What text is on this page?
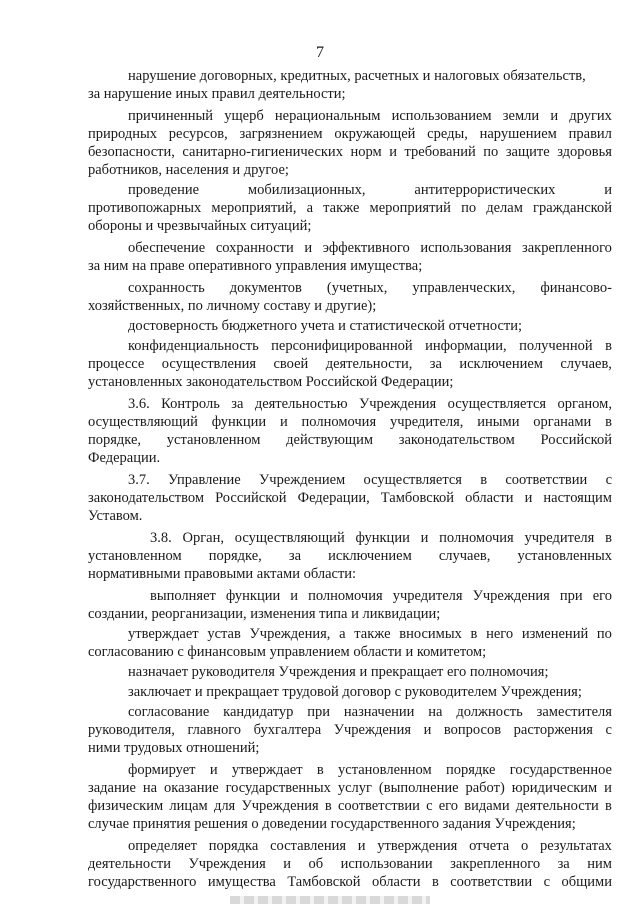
7
нарушение договорных, кредитных, расчетных и налоговых обязательств,
за нарушение иных правил деятельности;
причиненный ущерб нерациональным использованием земли и других
природных ресурсов, загрязнением окружающей среды, нарушением правил
безопасности, санитарно-гигиенических норм и требований по защите здоровья
работников, населения и другое;
проведение	мобилизационных,	антитеррористических	и
противопожарных мероприятий, а также мероприятий по делам гражданской
обороны и чрезвычайных ситуаций;
обеспечение сохранности и эффективного использования закрепленного
за ним на праве оперативного управления имущества;
сохранность документов (учетных, управленческих, финансово-
хозяйственных, по личному составу и другие);
достоверность бюджетного учета и статистической отчетности;
конфиденциальность персонифицированной информации, полученной в
процессе осуществления своей деятельности, за исключением случаев,
установленных законодательством Российской Федерации;
3.6. Контроль за деятельностью Учреждения осуществляется органом,
осуществляющий функции и полномочия учредителя, иными органами в
порядке, установленном действующим законодательством Российской
Федерации.
3.7. Управление Учреждением осуществляется в соответствии с
законодательством Российской Федерации, Тамбовской области и настоящим
Уставом.
3.8. Орган, осуществляющий функции и полномочия учредителя в
установленном порядке, за исключением случаев, установленных
нормативными правовыми актами области:
выполняет функции и полномочия учредителя Учреждения при его
создании, реорганизации, изменения типа и ликвидации;
утверждает устав Учреждения, а также вносимых в него изменений по
согласованию с финансовым управлением области и комитетом;
назначает руководителя Учреждения и прекращает его полномочия;
заключает и прекращает трудовой договор с руководителем Учреждения;
согласование кандидатур при назначении на должность заместителя
руководителя, главного бухгалтера Учреждения и вопросов расторжения с
ними трудовых отношений;
формирует и утверждает в установленном порядке государственное
задание на оказание государственных услуг (выполнение работ) юридическим и
физическим лицам для Учреждения в соответствии с его видами деятельности в
случае принятия решения о доведении государственного задания Учреждения;
определяет порядка составления и утверждения отчета о результатах
деятельности Учреждения и об использовании закрепленного за ним
государственного имущества Тамбовской области в соответствии с общими
